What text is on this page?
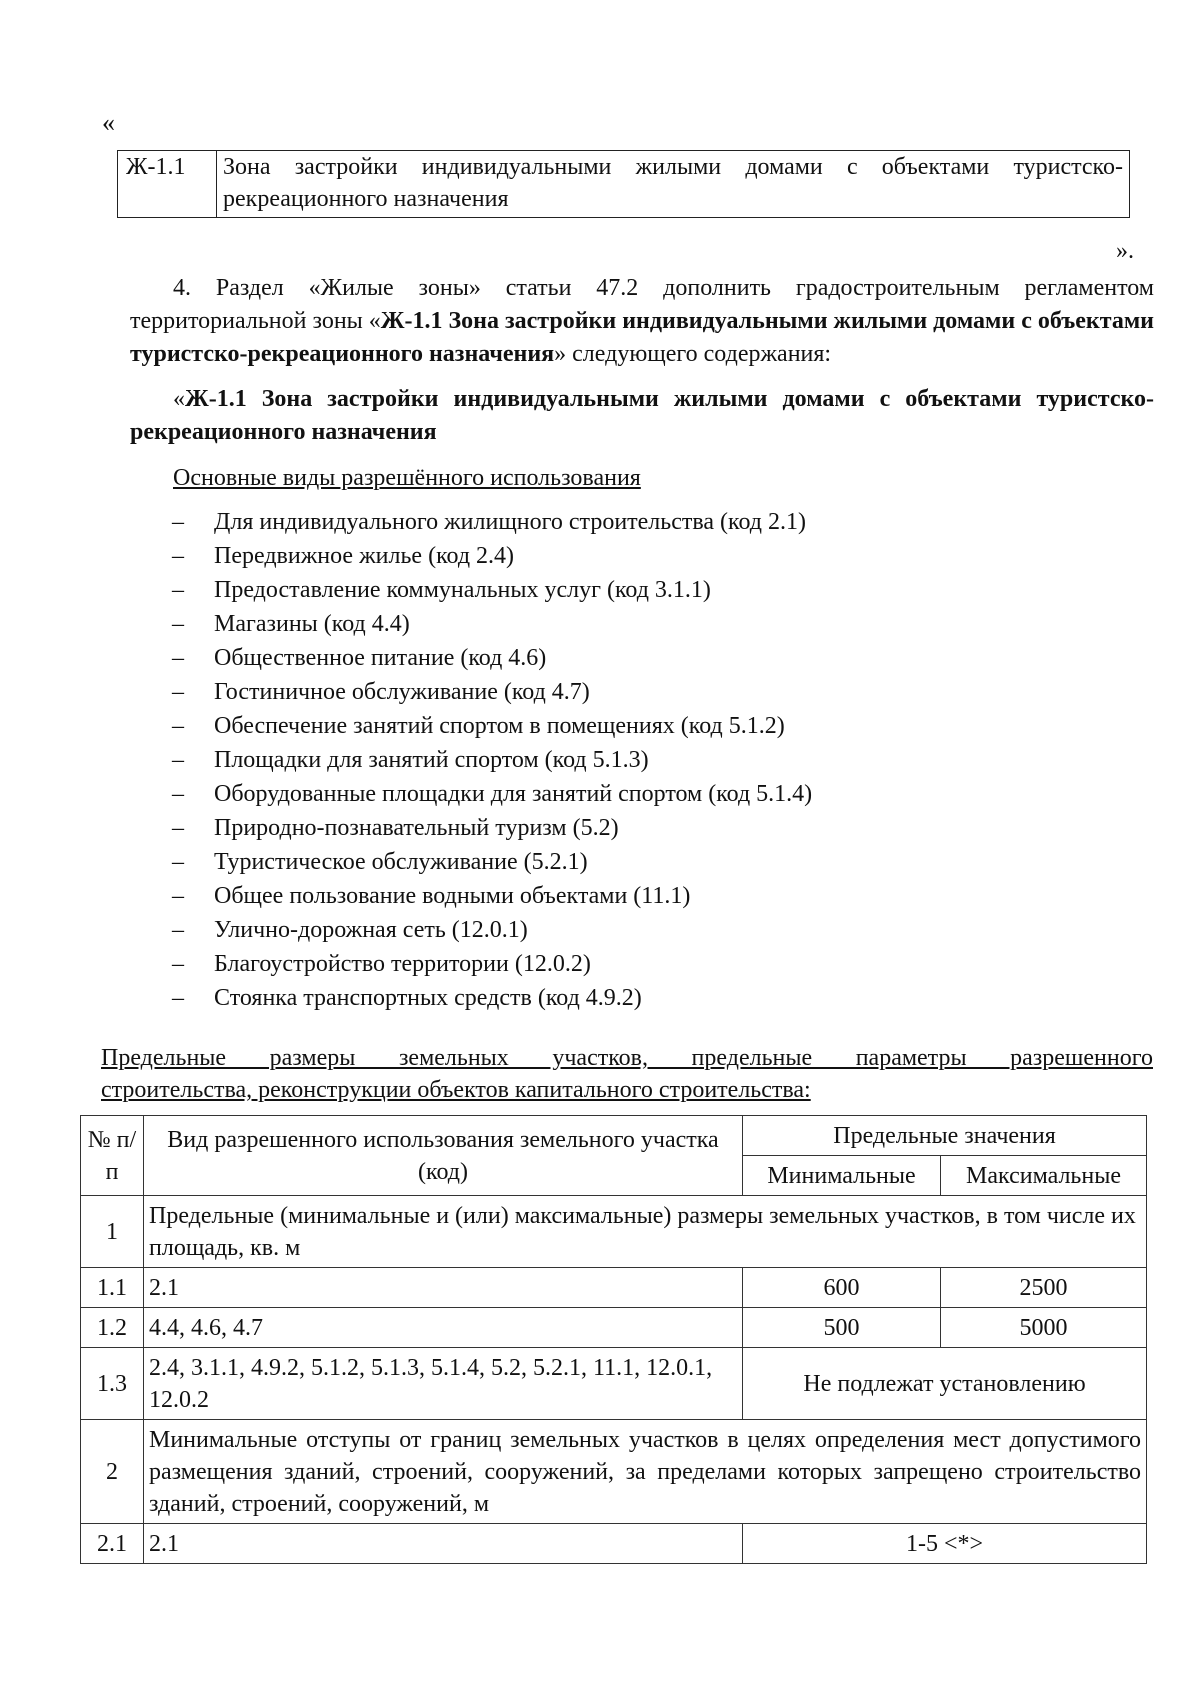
«
Ж-1.1	Зона застройки индивидуальными жилыми домами с объектами туристско-рекреационного назначения
».
4. Раздел «Жилые зоны» статьи 47.2 дополнить градостроительным регламентом территориальной зоны «Ж-1.1 Зона застройки индивидуальными жилыми домами с объектами туристско-рекреационного назначения» следующего содержания:
«Ж-1.1 Зона застройки индивидуальными жилыми домами с объектами туристско-рекреационного назначения
Основные виды разрешённого использования
– Для индивидуального жилищного строительства (код 2.1)
– Передвижное жилье (код 2.4)
– Предоставление коммунальных услуг (код 3.1.1)
– Магазины (код 4.4)
– Общественное питание (код 4.6)
– Гостиничное обслуживание (код 4.7)
– Обеспечение занятий спортом в помещениях (код 5.1.2)
– Площадки для занятий спортом (код 5.1.3)
– Оборудованные площадки для занятий спортом (код 5.1.4)
– Природно-познавательный туризм (5.2)
– Туристическое обслуживание (5.2.1)
– Общее пользование водными объектами (11.1)
– Улично-дорожная сеть (12.0.1)
– Благоустройство территории (12.0.2)
– Стоянка транспортных средств (код 4.9.2)
Предельные размеры земельных участков, предельные параметры разрешенного
строительства, реконструкции объектов капитального строительства:
№ п/п	Вид разрешенного использования земельного участка (код)	Предельные значения	
		Минимальные	Максимальные
1	Предельные (минимальные и (или) максимальные) размеры земельных участков, в том числе их площадь, кв. м		
1.1	2.1	600	2500
1.2	4.4, 4.6, 4.7	500	5000
1.3	2.4, 3.1.1, 4.9.2, 5.1.2, 5.1.3, 5.1.4, 5.2, 5.2.1, 11.1, 12.0.1, 12.0.2	Не подлежат установлению	
2	Минимальные отступы от границ земельных участков в целях определения мест допустимого размещения зданий, строений, сооружений, за пределами которых запрещено строительство зданий, строений, сооружений, м		
2.1	2.1	1-5 <*>	
